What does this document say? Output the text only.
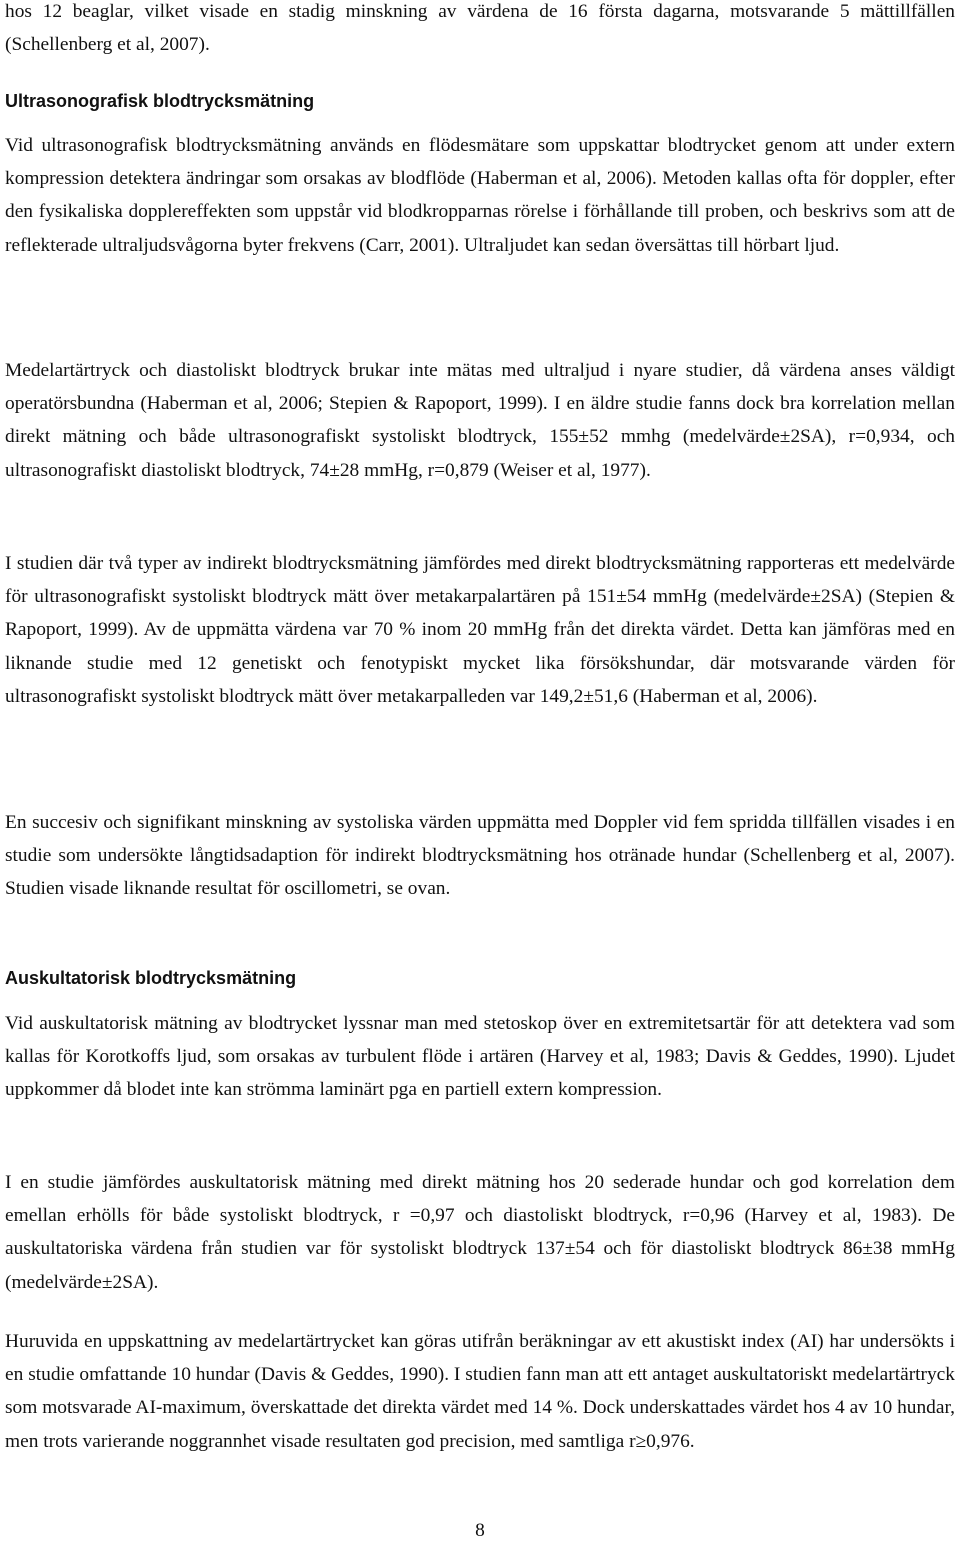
hos 12 beaglar, vilket visade en stadig minskning av värdena de 16 första dagarna, motsvarande 5 mättillfällen (Schellenberg et al, 2007).

Ultrasonografisk blodtrycksmätning

Vid ultrasonografisk blodtrycksmätning används en flödesmätare som uppskattar blodtrycket genom att under extern kompression detektera ändringar som orsakas av blodflöde (Haberman et al, 2006). Metoden kallas ofta för doppler, efter den fysikaliska dopplereffekten som uppstår vid blodkropparnas rörelse i förhållande till proben, och beskrivs som att de reflekterade ultraljudsvågorna byter frekvens (Carr, 2001). Ultraljudet kan sedan översättas till hörbart ljud.

Medelartärtryck och diastoliskt blodtryck brukar inte mätas med ultraljud i nyare studier, då värdena anses väldigt operatörsbundna (Haberman et al, 2006; Stepien & Rapoport, 1999). I en äldre studie fanns dock bra korrelation mellan direkt mätning och både ultrasonografiskt systoliskt blodtryck, 155±52 mmhg (medelvärde±2SA), r=0,934, och ultrasonografiskt diastoliskt blodtryck, 74±28 mmHg, r=0,879 (Weiser et al, 1977).

I studien där två typer av indirekt blodtrycksmätning jämfördes med direkt blodtrycksmätning rapporteras ett medelvärde för ultrasonografiskt systoliskt blodtryck mätt över metakarpalartären på 151±54 mmHg (medelvärde±2SA) (Stepien & Rapoport, 1999). Av de uppmätta värdena var 70 % inom 20 mmHg från det direkta värdet. Detta kan jämföras med en liknande studie med 12 genetiskt och fenotypiskt mycket lika försökshundar, där motsvarande värden för ultrasonografiskt systoliskt blodtryck mätt över metakarpalleden var 149,2±51,6 (Haberman et al, 2006).

En succesiv och signifikant minskning av systoliska värden uppmätta med Doppler vid fem spridda tillfällen visades i en studie som undersökte långtidsadaption för indirekt blodtrycksmätning hos otränade hundar (Schellenberg et al, 2007). Studien visade liknande resultat för oscillometri, se ovan.

Auskultatorisk blodtrycksmätning

Vid auskultatorisk mätning av blodtrycket lyssnar man med stetoskop över en extremitetsartär för att detektera vad som kallas för Korotkoffs ljud, som orsakas av turbulent flöde i artären (Harvey et al, 1983; Davis & Geddes, 1990). Ljudet uppkommer då blodet inte kan strömma laminärt pga en partiell extern kompression.

I en studie jämfördes auskultatorisk mätning med direkt mätning hos 20 sederade hundar och god korrelation dem emellan erhölls för både systoliskt blodtryck, r =0,97 och diastoliskt blodtryck, r=0,96 (Harvey et al, 1983). De auskultatoriska värdena från studien var för systoliskt blodtryck 137±54 och för diastoliskt blodtryck 86±38 mmHg (medelvärde±2SA).

Huruvida en uppskattning av medelartärtrycket kan göras utifrån beräkningar av ett akustiskt index (AI) har undersökts i en studie omfattande 10 hundar (Davis & Geddes, 1990). I studien fann man att ett antaget auskultatoriskt medelartärtryck som motsvarade AI-maximum, överskattade det direkta värdet med 14 %. Dock underskattades värdet hos 4 av 10 hundar, men trots varierande noggrannhet visade resultaten god precision, med samtliga r≥0,976.

8
